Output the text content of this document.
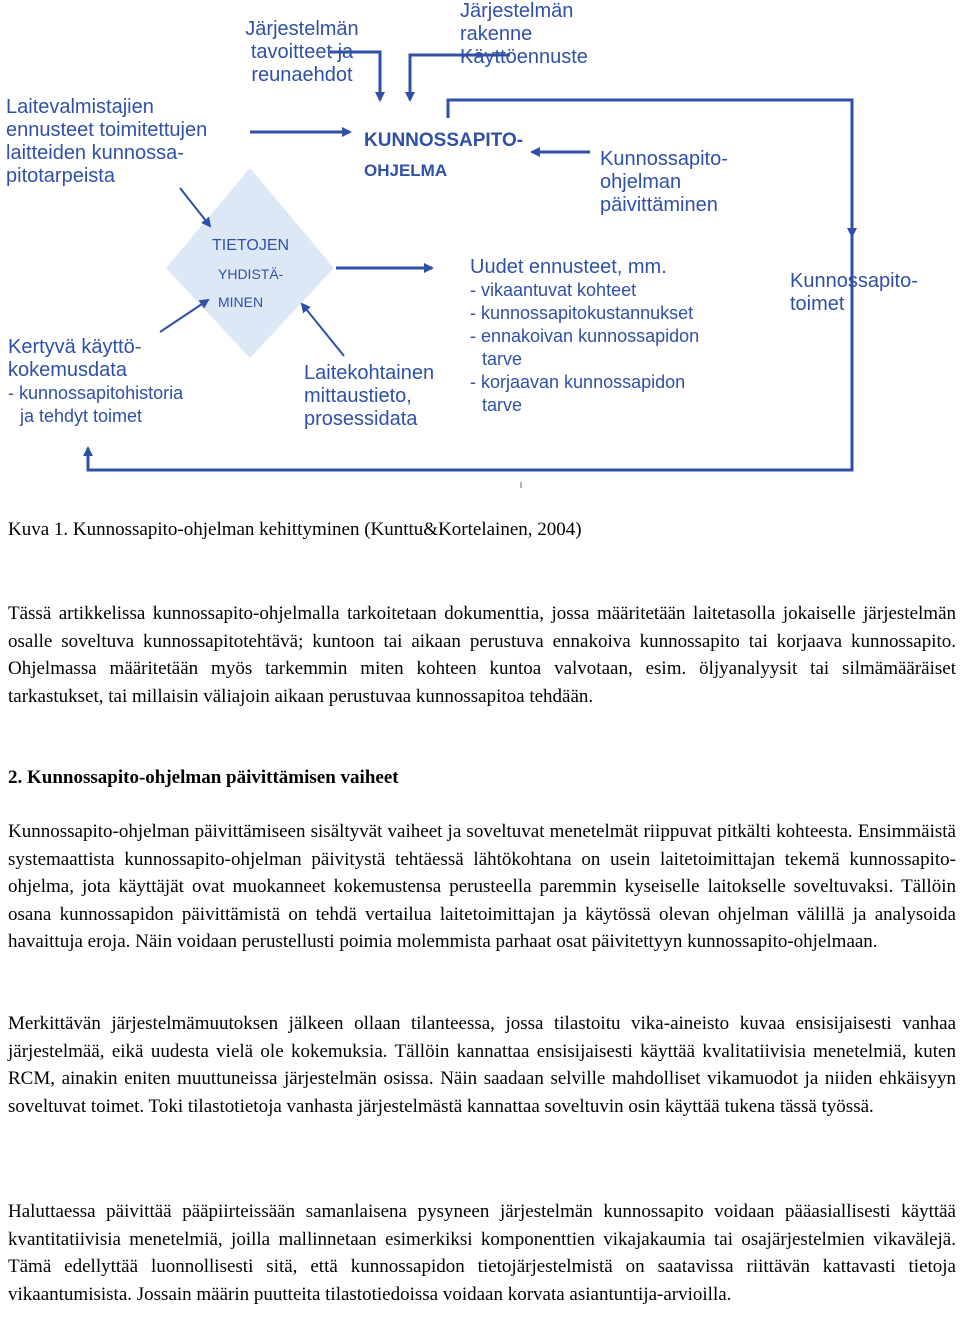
Laitevalmistajien
ennusteet toimitettujen
laitteiden kunnossa-
pitotarpeista
Järjestelmän
tavoitteet ja
reunaehdot
Järjestelmän
rakenne
Käyttöennuste
KUNNOSSAPITO-
OHJELMA
Kunnossapito-
ohjelman
päivittäminen
TIETOJEN
YHDISTÄ-
MINEN
Kertyvä käyttö-
kokemusdata
- kunnossapitohistoria
ja tehdyt toimet
Laitekohtainen
mittaustieto,
prosessidata
Uudet ennusteet, mm.
- vikaantuvat kohteet
- kunnossapitokustannukset
- ennakoivan kunnossapidon
tarve
- korjaavan kunnossapidon
tarve
Kunnossapito-
toimet
Kuva 1. Kunnossapito-ohjelman kehittyminen (Kunttu&Kortelainen, 2004)

Tässä artikkelissa kunnossapito-ohjelmalla tarkoitetaan dokumenttia, jossa määritetään laitetasolla jokaiselle järjestelmän osalle soveltuva kunnossapitotehtävä; kuntoon tai aikaan perustuva ennakoiva kunnossapito tai korjaava kunnossapito. Ohjelmassa määritetään myös tarkemmin miten kohteen kuntoa valvotaan, esim. öljyanalyysit tai silmämääräiset tarkastukset, tai millaisin väliajoin aikaan perustuvaa kunnossapitoa tehdään.

2. Kunnossapito-ohjelman päivittämisen vaiheet

Kunnossapito-ohjelman päivittämiseen sisältyvät vaiheet ja soveltuvat menetelmät riippuvat pitkälti kohteesta. Ensimmäistä systemaattista kunnossapito-ohjelman päivitystä tehtäessä lähtökohtana on usein laitetoimittajan tekemä kunnossapito-ohjelma, jota käyttäjät ovat muokanneet kokemustensa perusteella paremmin kyseiselle laitokselle soveltuvaksi. Tällöin osana kunnossapidon päivittämistä on tehdä vertailua laitetoimittajan ja käytössä olevan ohjelman välillä ja analysoida havaittuja eroja. Näin voidaan perustellusti poimia molemmista parhaat osat päivitettyyn kunnossapito-ohjelmaan.

Merkittävän järjestelmämuutoksen jälkeen ollaan tilanteessa, jossa tilastoitu vika-aineisto kuvaa ensisijaisesti vanhaa järjestelmää, eikä uudesta vielä ole kokemuksia. Tällöin kannattaa ensisijaisesti käyttää kvalitatiivisia menetelmiä, kuten RCM, ainakin eniten muuttuneissa järjestelmän osissa. Näin saadaan selville mahdolliset vikamuodot ja niiden ehkäisyyn soveltuvat toimet. Toki tilastotietoja vanhasta järjestelmästä kannattaa soveltuvin osin käyttää tukena tässä työssä.

Haluttaessa päivittää pääpiirteissään samanlaisena pysyneen järjestelmän kunnossapito voidaan pääasiallisesti käyttää kvantitatiivisia menetelmiä, joilla mallinnetaan esimerkiksi komponenttien vikajakaumia tai osajärjestelmien vikavälejä. Tämä edellyttää luonnollisesti sitä, että kunnossapidon tietojärjestelmistä on saatavissa riittävän kattavasti tietoja vikaantumisista. Jossain määrin puutteita tilastotiedoissa voidaan korvata asiantuntija-arvioilla.
